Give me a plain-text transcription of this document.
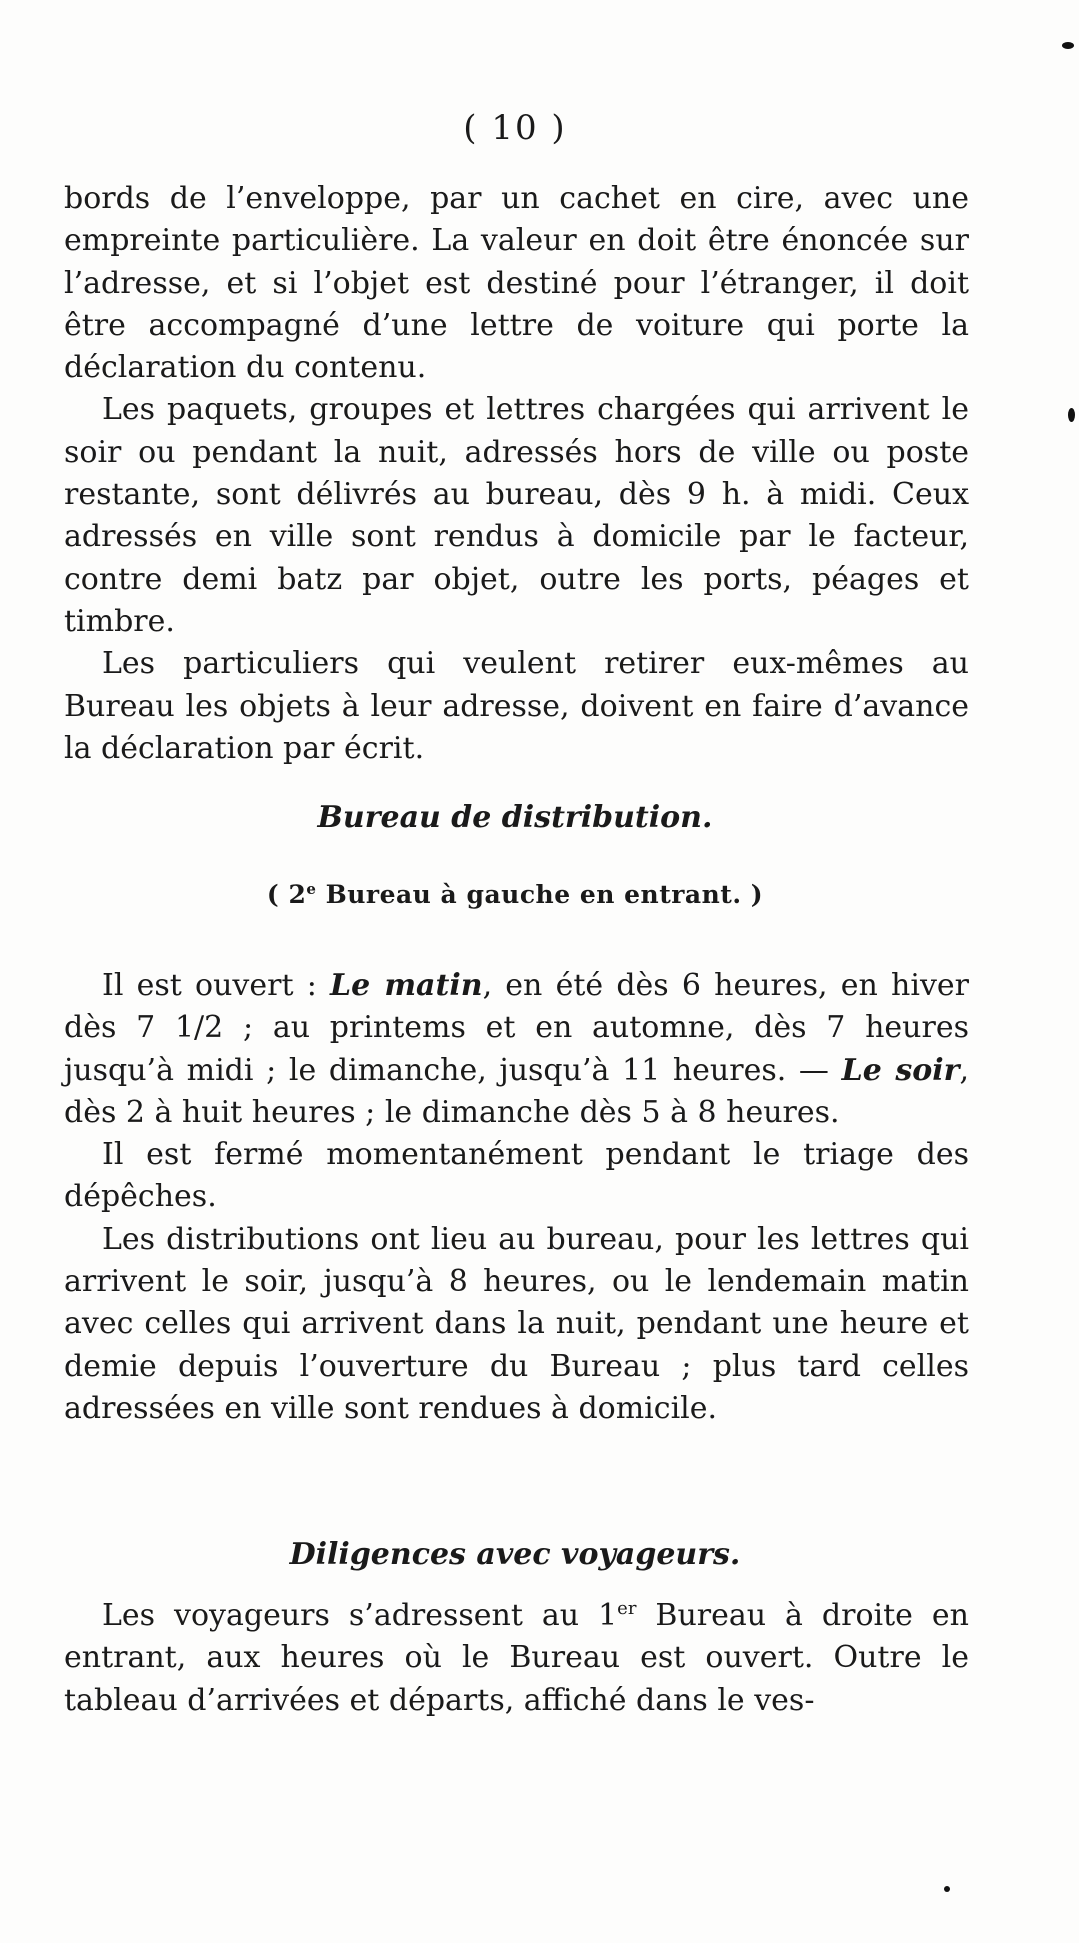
( 10 )

bords de l’enveloppe, par un cachet en cire, avec une empreinte particulière. La valeur en doit être énoncée sur l’adresse, et si l’objet est destiné pour l’étranger, il doit être accompagné d’une lettre de voiture qui porte la déclaration du contenu.

Les paquets, groupes et lettres chargées qui arrivent le soir ou pendant la nuit, adressés hors de ville ou poste restante, sont délivrés au bureau, dès 9 h. à midi. Ceux adressés en ville sont rendus à domicile par le facteur, contre demi batz par objet, outre les ports, péages et timbre.

Les particuliers qui veulent retirer eux-mêmes au Bureau les objets à leur adresse, doivent en faire d’avance la déclaration par écrit.

Bureau de distribution.
( 2e Bureau à gauche en entrant. )

Il est ouvert : Le matin, en été dès 6 heures, en hiver dès 7 1/2 ; au printems et en automne, dès 7 heures jusqu’à midi ; le dimanche, jusqu’à 11 heures. — Le soir, dès 2 à huit heures ; le dimanche dès 5 à 8 heures.

Il est fermé momentanément pendant le triage des dépêches.

Les distributions ont lieu au bureau, pour les lettres qui arrivent le soir, jusqu’à 8 heures, ou le lendemain matin avec celles qui arrivent dans la nuit, pendant une heure et demie depuis l’ouverture du Bureau ; plus tard celles adressées en ville sont rendues à domicile.

Diligences avec voyageurs.

Les voyageurs s’adressent au 1er Bureau à droite en entrant, aux heures où le Bureau est ouvert. Outre le tableau d’arrivées et départs, affiché dans le ves-
